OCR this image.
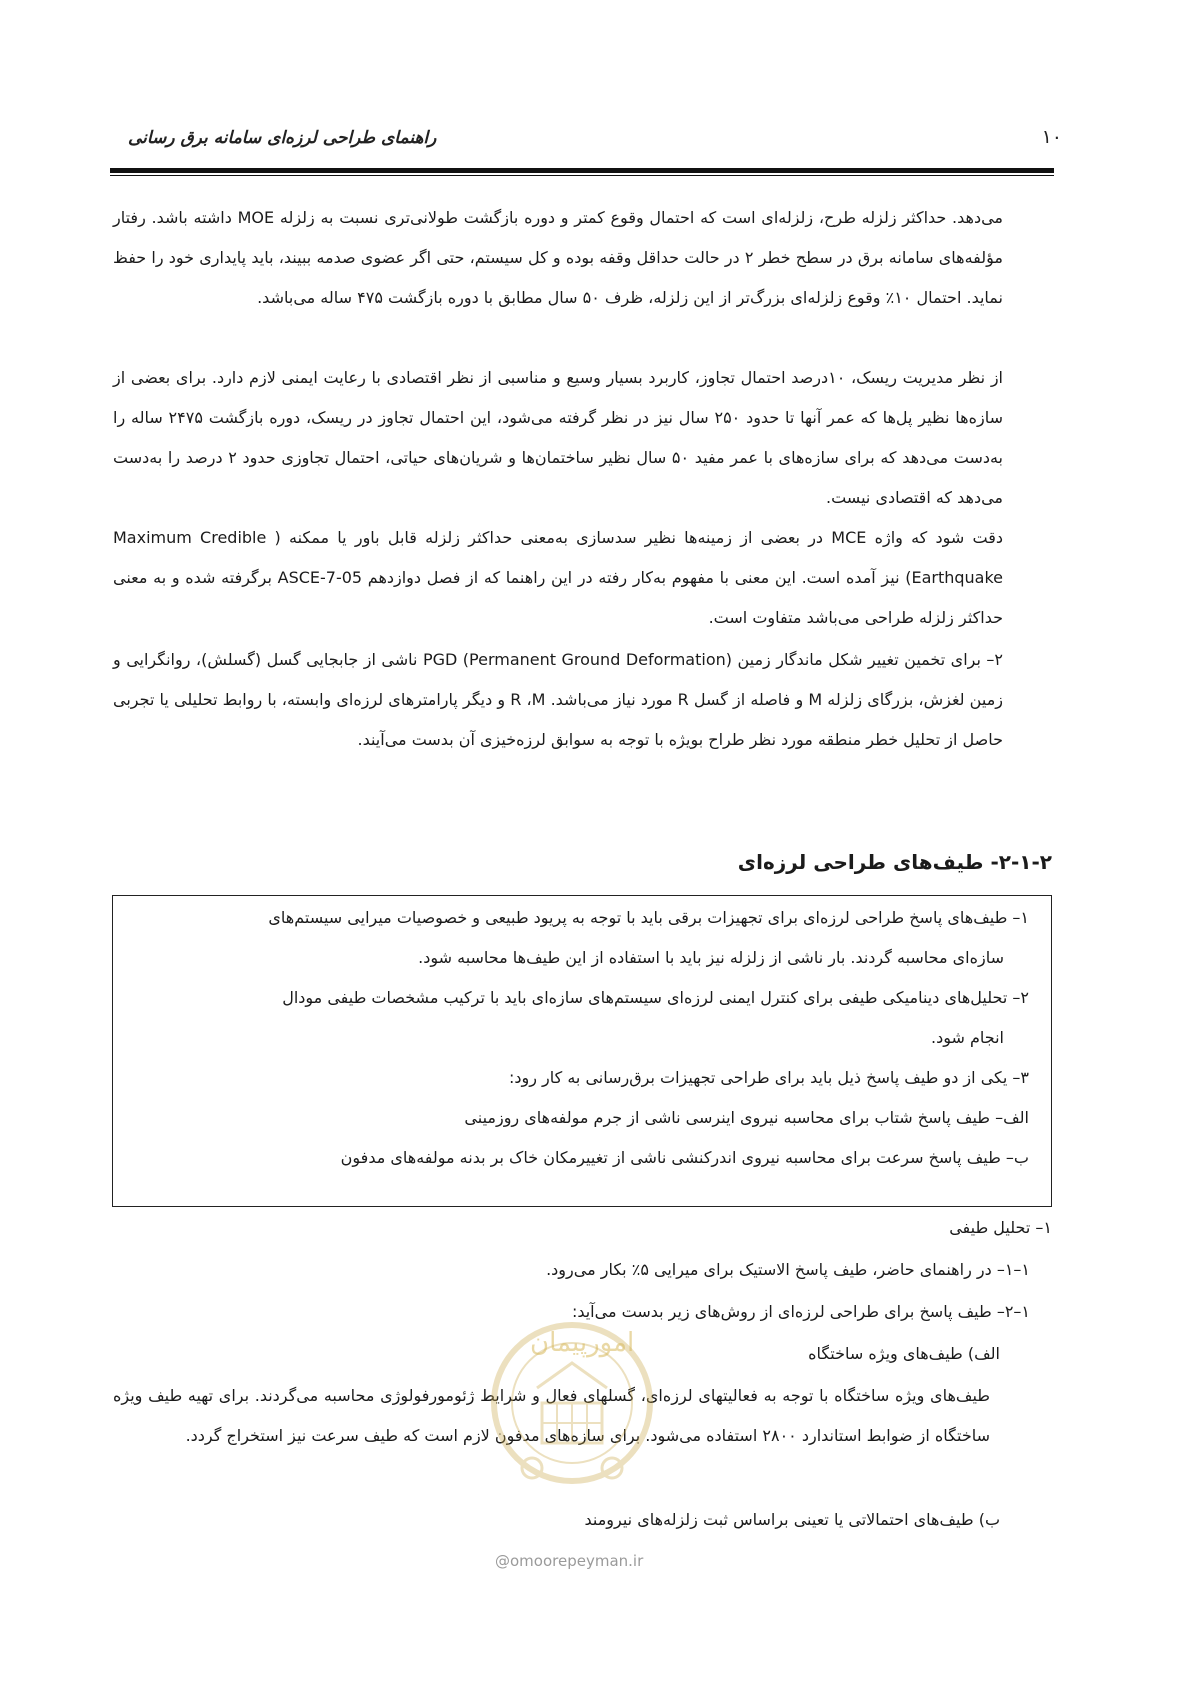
راهنمای طراحی لرزه‌ای سامانه برق رسانی	۱۰
می‌دهد. حداکثر زلزله طرح، زلزله‌ای است که احتمال وقوع کمتر و دوره بازگشت طولانی‌تری نسبت به زلزله MOE داشته باشد. رفتار مؤلفه‌های سامانه برق در سطح خطر ۲ در حالت حداقل وقفه بوده و کل سیستم، حتی اگر عضوی صدمه ببیند، باید پایداری خود را حفظ نماید. احتمال ۱۰٪ وقوع زلزله‌ای بزرگ‌تر از این زلزله، ظرف ۵۰ سال مطابق با دوره بازگشت ۴۷۵ ساله می‌باشد.
از نظر مدیریت ریسک، ۱۰درصد احتمال تجاوز، کاربرد بسیار وسیع و مناسبی از نظر اقتصادی با رعایت ایمنی لازم دارد. برای بعضی از سازه‌ها نظیر پل‌ها که عمر آنها تا حدود ۲۵۰ سال نیز در نظر گرفته می‌شود، این احتمال تجاوز در ریسک، دوره بازگشت ۲۴۷۵ ساله را به‌دست می‌دهد که برای سازه‌های با عمر مفید ۵۰ سال نظیر ساختمان‌ها و شریان‌های حیاتی، احتمال تجاوزی حدود ۲ درصد را به‌دست می‌دهد که اقتصادی نیست.
دقت شود که واژه MCE در بعضی از زمینه‌ها نظیر سدسازی به‌معنی حداکثر زلزله قابل باور یا ممکنه ( Maximum Credible Earthquake) نیز آمده است. این معنی با مفهوم به‌کار رفته در این راهنما که از فصل دوازدهم ASCE-7-05 برگرفته شده و به معنی حداکثر زلزله طراحی می‌باشد متفاوت است.
۲– برای تخمین تغییر شکل ماندگار زمین PGD (Permanent Ground Deformation) ناشی از جابجایی گسل (گسلش)، روانگرایی و زمین لغزش، بزرگای زلزله M و فاصله از گسل R مورد نیاز می‌باشد. R ،M و دیگر پارامترهای لرزه‌ای وابسته، با روابط تحلیلی یا تجربی حاصل از تحلیل خطر منطقه مورد نظر طراح بویژه با توجه به سوابق لرزه‌خیزی آن بدست می‌آیند.
۲-۱-۲- طیف‌های طراحی لرزه‌ای
۱– طیف‌های پاسخ طراحی لرزه‌ای برای تجهیزات برقی باید با توجه به پریود طبیعی و خصوصیات میرایی سیستم‌های
سازه‌ای محاسبه گردند. بار ناشی از زلزله نیز باید با استفاده از این طیف‌ها محاسبه شود.
۲– تحلیل‌های دینامیکی طیفی برای کنترل ایمنی لرزه‌ای سیستم‌های سازه‌ای باید با ترکیب مشخصات طیفی مودال
انجام شود.
۳– یکی از دو طیف پاسخ ذیل باید برای طراحی تجهیزات برق‌رسانی به کار رود:
الف– طیف پاسخ شتاب برای محاسبه نیروی اینرسی ناشی از جرم مولفه‌های روزمینی
ب– طیف پاسخ سرعت برای محاسبه نیروی اندرکنشی ناشی از تغییرمکان خاک بر بدنه مولفه‌های مدفون
۱– تحلیل طیفی
۱–۱– در راهنمای حاضر، طیف پاسخ الاستیک برای میرایی ۵٪ بکار می‌رود.
۱–۲– طیف پاسخ برای طراحی لرزه‌ای از روش‌های زیر بدست می‌آید:
الف) طیف‌های ویژه ساختگاه
طیف‌های ویژه ساختگاه با توجه به فعالیتهای لرزه‌ای، گسلهای فعال و شرایط ژئومورفولوژی محاسبه می‌گردند. برای تهیه طیف ویژه ساختگاه از ضوابط استاندارد ۲۸۰۰ استفاده می‌شود. برای سازه‌های مدفون لازم است که طیف سرعت نیز استخراج گردد.
ب) طیف‌های احتمالاتی یا تعینی براساس ثبت زلزله‌های نیرومند
امورپیمان
@omoorepeyman.ir
